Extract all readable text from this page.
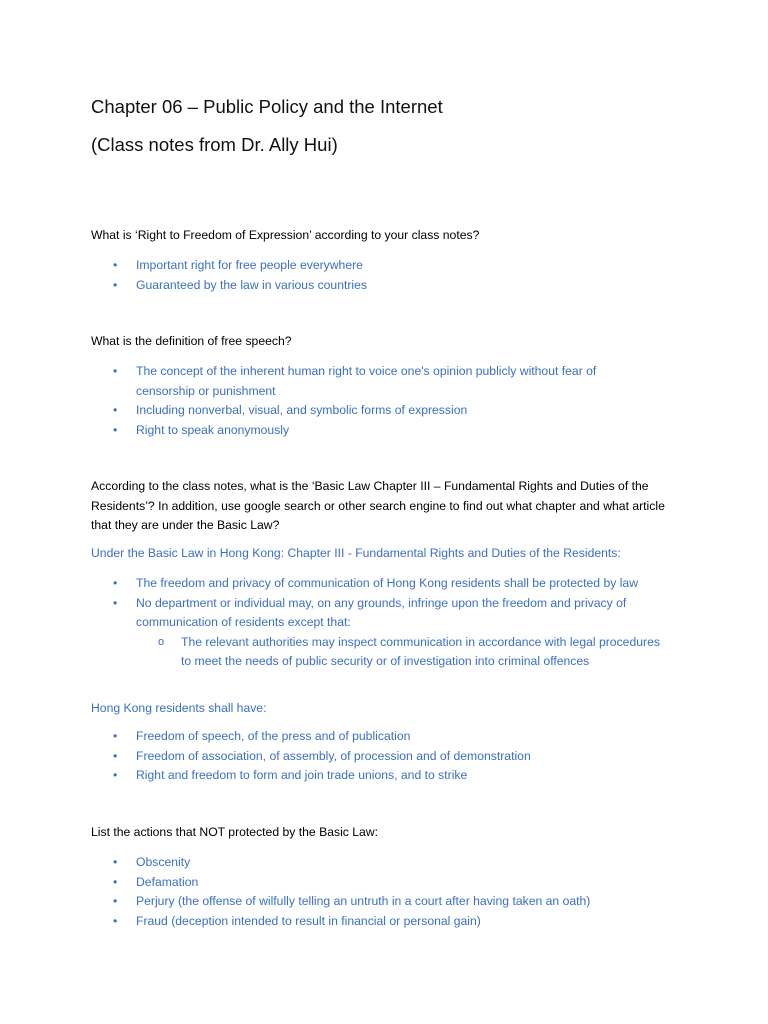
Chapter 06 – Public Policy and the Internet
(Class notes from Dr. Ally Hui)
What is ‘Right to Freedom of Expression’ according to your class notes?
• Important right for free people everywhere
• Guaranteed by the law in various countries
What is the definition of free speech?
• The concept of the inherent human right to voice one's opinion publicly without fear of censorship or punishment
• Including nonverbal, visual, and symbolic forms of expression
• Right to speak anonymously
According to the class notes, what is the ‘Basic Law Chapter III – Fundamental Rights and Duties of the Residents’? In addition, use google search or other search engine to find out what chapter and what article that they are under the Basic Law?
Under the Basic Law in Hong Kong: Chapter III - Fundamental Rights and Duties of the Residents:
• The freedom and privacy of communication of Hong Kong residents shall be protected by law
• No department or individual may, on any grounds, infringe upon the freedom and privacy of communication of residents except that:
o The relevant authorities may inspect communication in accordance with legal procedures to meet the needs of public security or of investigation into criminal offences
Hong Kong residents shall have:
• Freedom of speech, of the press and of publication
• Freedom of association, of assembly, of procession and of demonstration
• Right and freedom to form and join trade unions, and to strike
List the actions that NOT protected by the Basic Law:
• Obscenity
• Defamation
• Perjury (the offense of wilfully telling an untruth in a court after having taken an oath)
• Fraud (deception intended to result in financial or personal gain)
